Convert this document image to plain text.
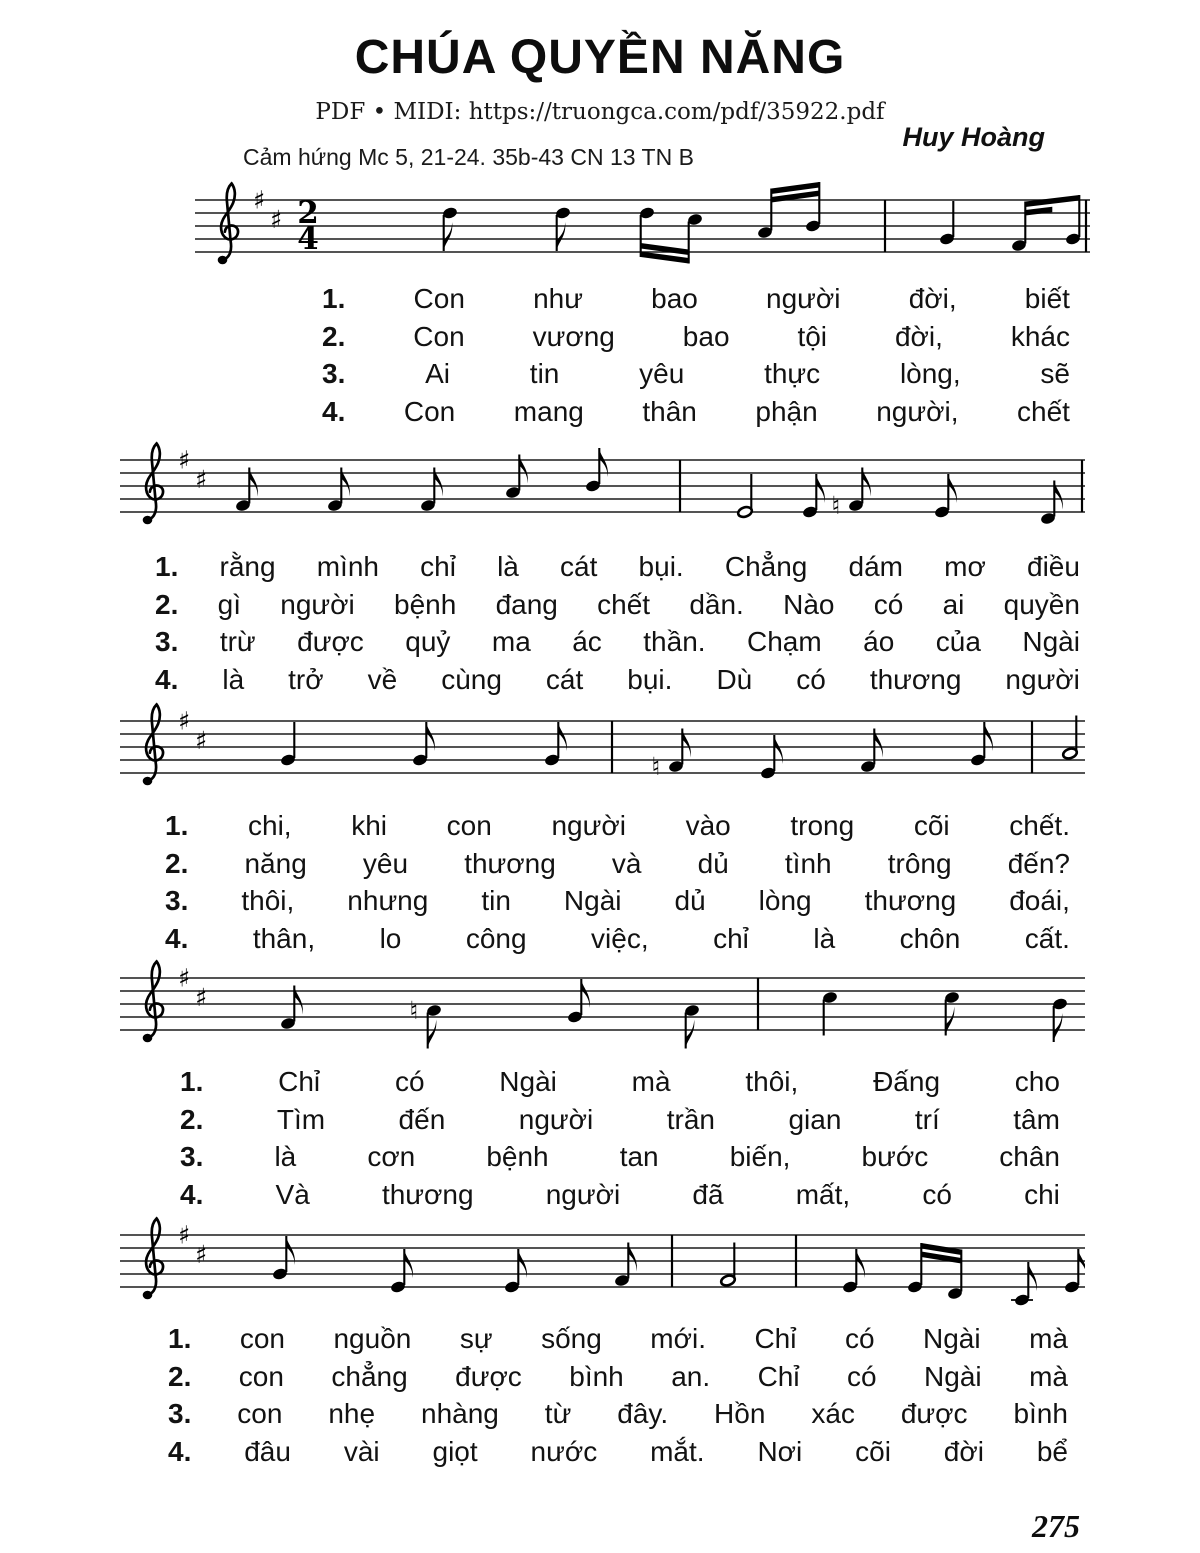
CHÚA QUYỀN NĂNG
PDF • MIDI: https://truongca.com/pdf/35922.pdf
Huy Hoàng
Cảm hứng Mc 5, 21-24. 35b-43 CN 13 TN B
♯
♯ 2
4
♯
♯
♮
♯
♯
♮
♯
♯	♮
♯
♯
1. Con như bao người đời, biết
2. Con vương bao tội đời, khác
3.	Ai	tin	yêu	thực	lòng,	sẽ
4. Con mang thân phận người, chết
1. rằng mình chỉ là cát bụi. Chẳng dám mơ điều
2. gì người bệnh đang chết dần. Nào có ai quyền
3. trừ được quỷ ma ác thần. Chạm áo của Ngài
4. là trở về cùng cát bụi. Dù có thương người
1. chi, khi con người vào trong cõi chết.
2. năng yêu thương và dủ tình trông đến?
3. thôi, nhưng tin Ngài dủ lòng thương đoái,
4. thân, lo công việc, chỉ là chôn cất.
1.	Chỉ	có	Ngài	mà	thôi,	Đấng	cho
2.	Tìm	đến	người	trần	gian	trí	tâm
3.	là	cơn	bệnh	tan	biến,	bước	chân
4.	Và	thương	người	đã	mất,	có	chi
1. con nguồn sự sống mới. Chỉ có Ngài mà
2. con chẳng được bình an. Chỉ có Ngài mà
3. con nhẹ nhàng từ đây. Hồn xác được bình
4. đâu vài giọt nước mắt. Nơi cõi đời bể
275
